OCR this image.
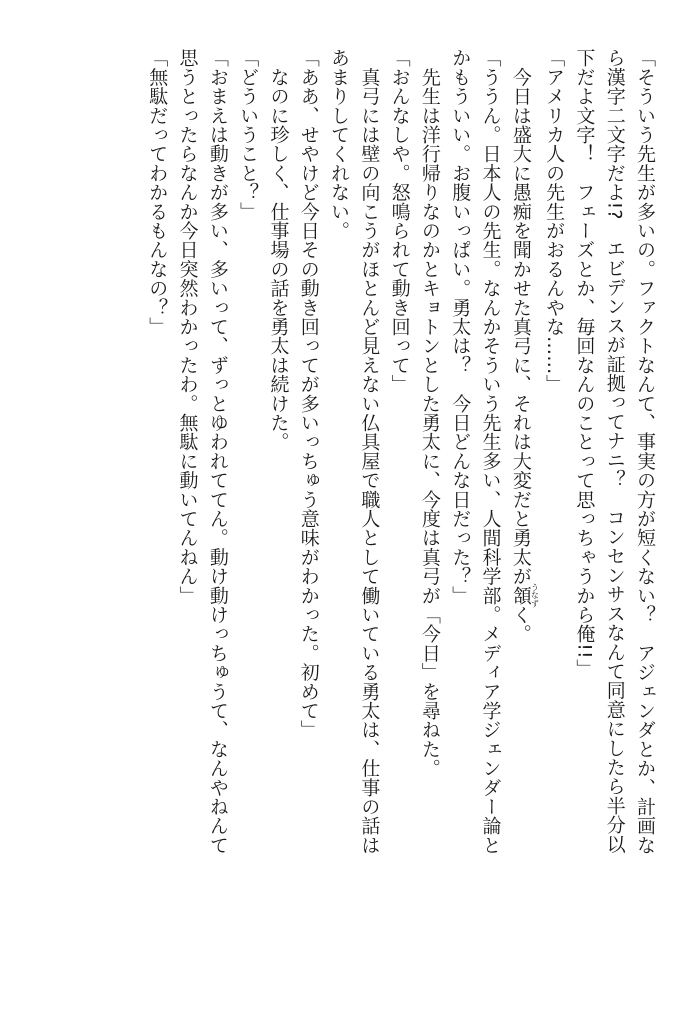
「そういう先生が多いの。ファクトなんて、事実の方が短くない？　アジェンダとか、計画な
ら漢字二文字だよ!?　エビデンスが証拠ってナニ？　コンセンサスなんて同意にしたら半分以
下だよ文字！　フェーズとか、毎回なんのことって思っちゃうから俺!!」
「アメリカ人の先生がおるんやな……」
　今日は盛大に愚痴を聞かせた真弓に、それは大変だと勇太が頷うなずく。
「ううん。日本人の先生。なんかそういう先生多い、人間科学部。メディア学ジェンダー論と
かもういい。お腹いっぱい。勇太は？　今日どんな日だった？」
　先生は洋行帰りなのかとキョトンとした勇太に、今度は真弓が「今日」を尋ねた。
「おんなしや。怒鳴られて動き回って」
　真弓には壁の向こうがほとんど見えない仏具屋で職人として働いている勇太は、仕事の話は
あまりしてくれない。
「ああ、せやけど今日その動き回ってが多いっちゅう意味がわかった。初めて」
　なのに珍しく、仕事場の話を勇太は続けた。
「どういうこと？」
「おまえは動きが多い、多いって、ずっとゆわれててん。動け動けっちゅうて、なんやねんて
思うとったらなんか今日突然わかったわ。無駄に動いてんねん」
「無駄だってわかるもんなの？」
